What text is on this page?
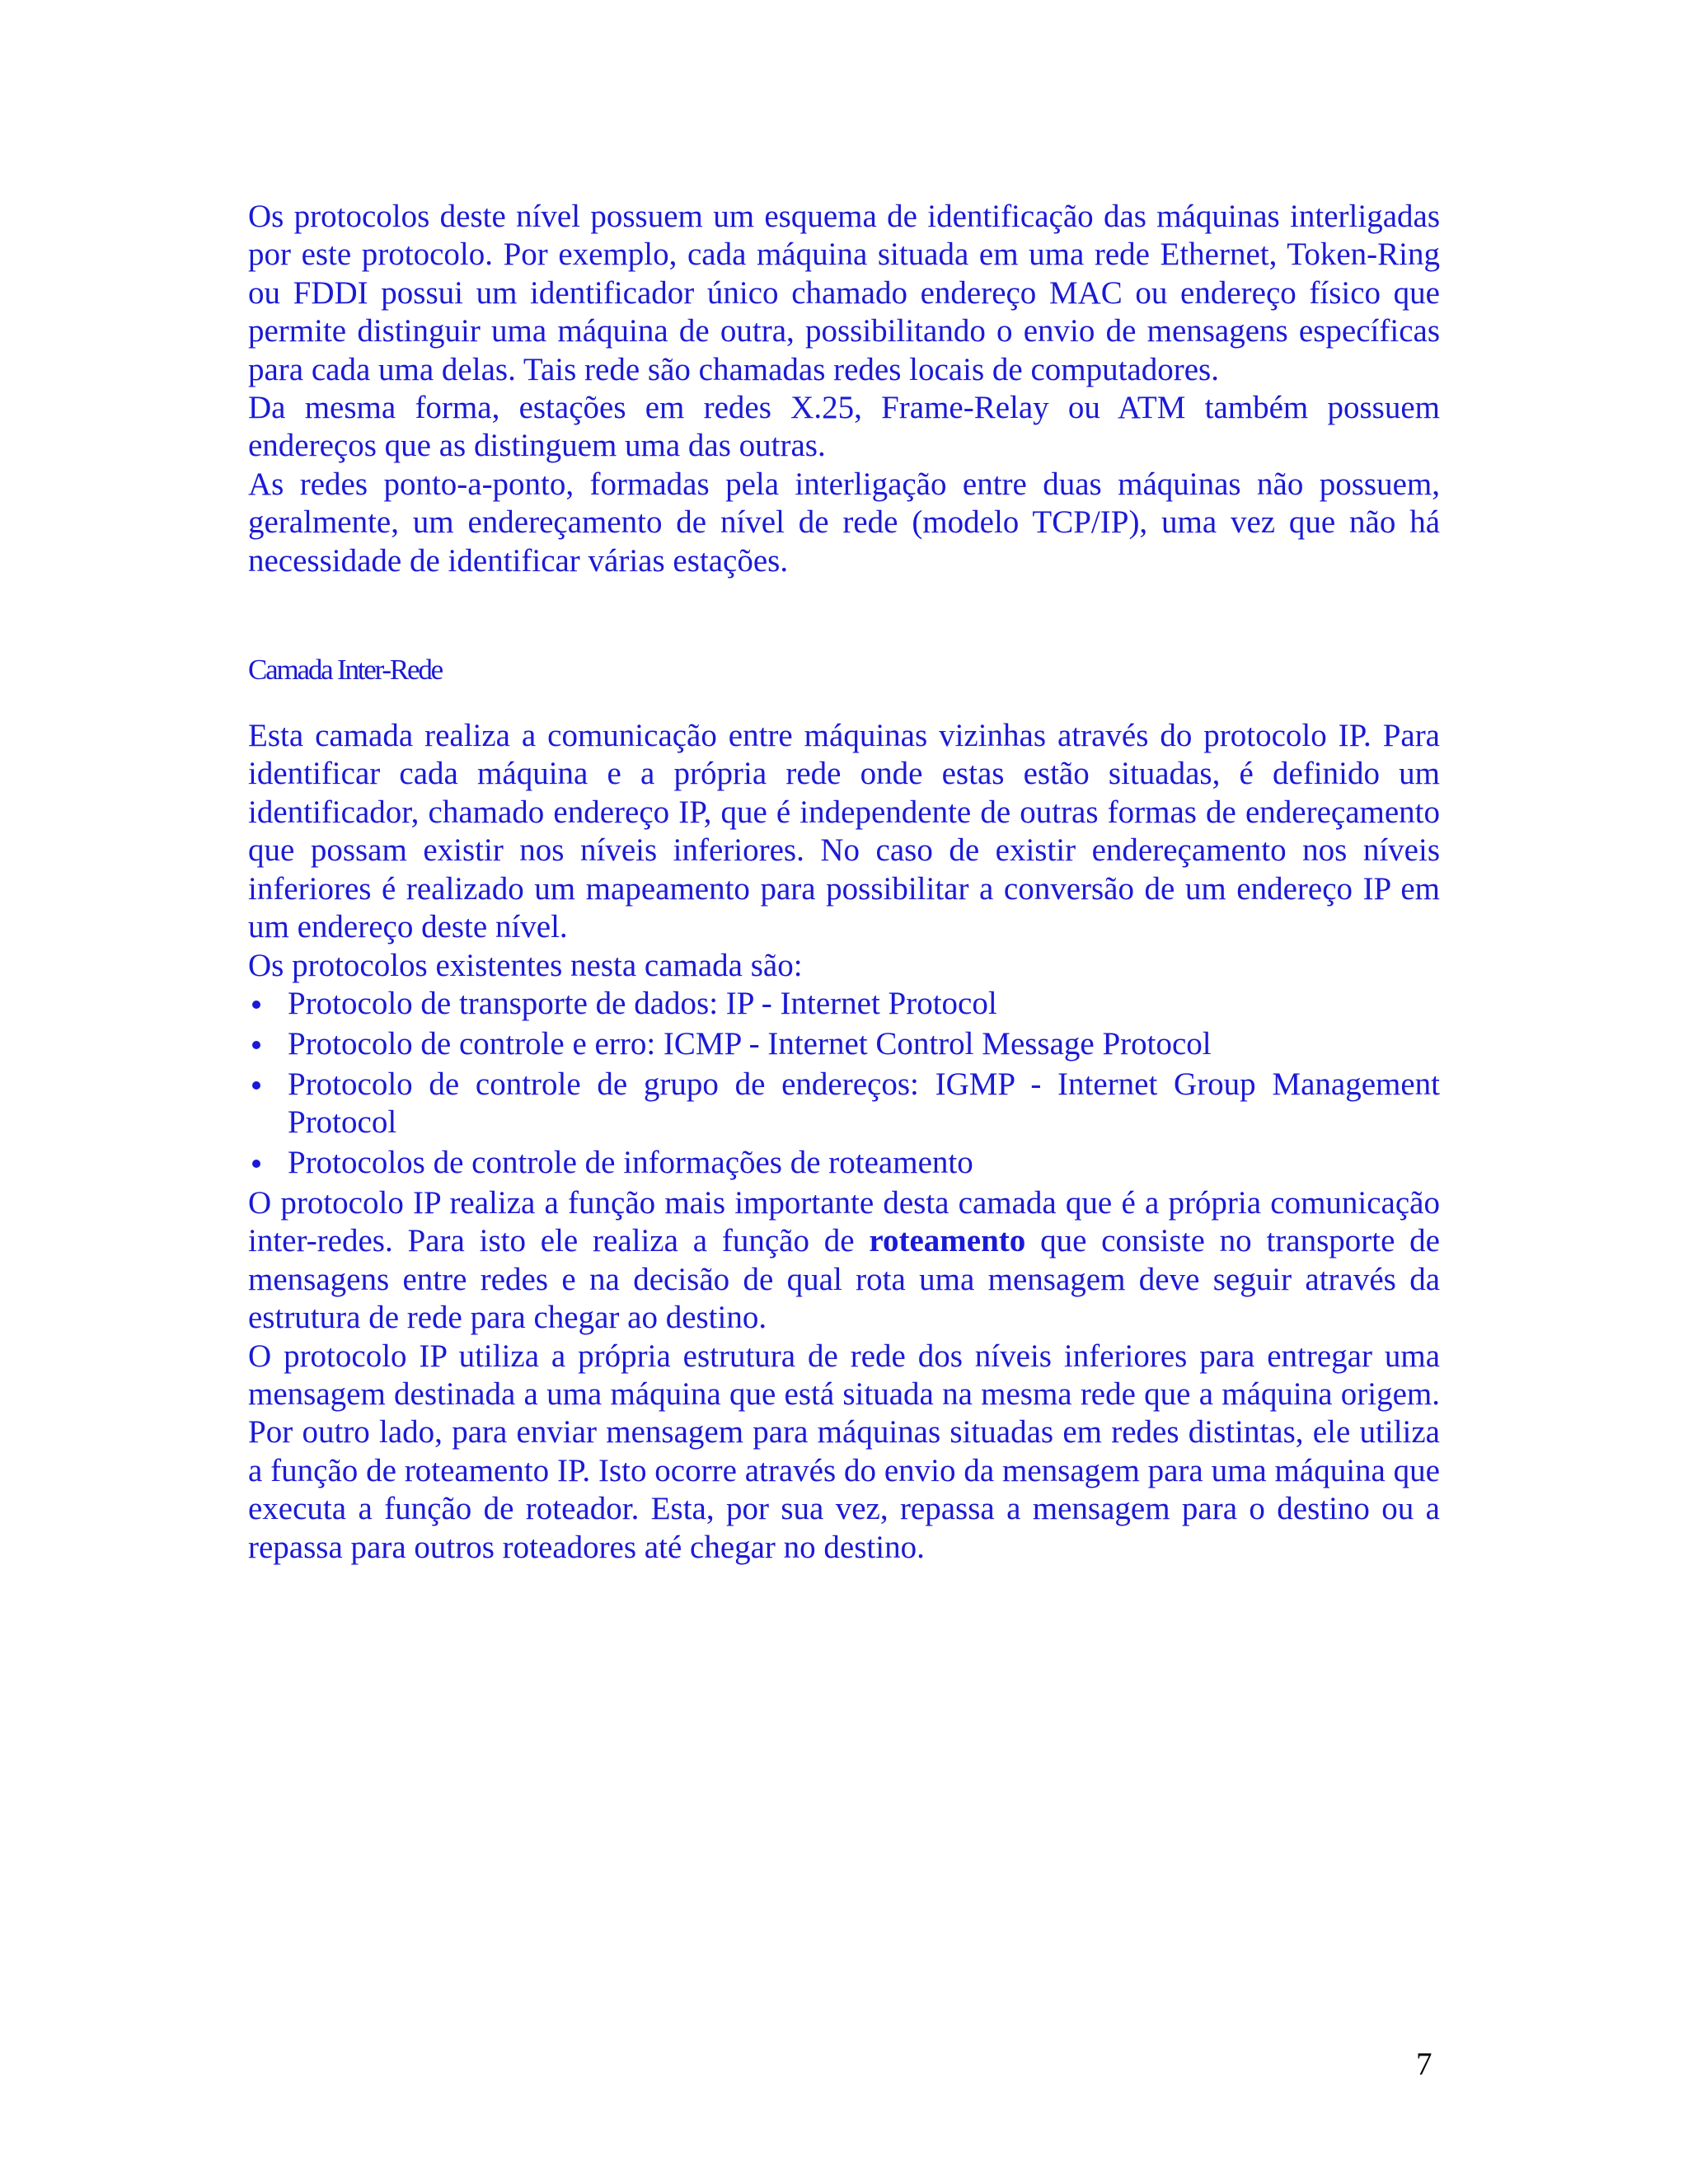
Os protocolos deste nível possuem um esquema de identificação das máquinas interligadas por este protocolo. Por exemplo, cada máquina situada em uma rede Ethernet, Token-Ring ou FDDI possui um identificador único chamado endereço MAC ou endereço físico que permite distinguir uma máquina de outra, possibilitando o envio de mensagens específicas para cada uma delas. Tais rede são chamadas redes locais de computadores.

Da mesma forma, estações em redes X.25, Frame-Relay ou ATM também possuem endereços que as distinguem uma das outras.

As redes ponto-a-ponto, formadas pela interligação entre duas máquinas não possuem, geralmente, um endereçamento de nível de rede (modelo TCP/IP), uma vez que não há necessidade de identificar várias estações.

Camada Inter-Rede

Esta camada realiza a comunicação entre máquinas vizinhas através do protocolo IP. Para identificar cada máquina e a própria rede onde estas estão situadas, é definido um identificador, chamado endereço IP, que é independente de outras formas de endereçamento que possam existir nos níveis inferiores. No caso de existir endereçamento nos níveis inferiores é realizado um mapeamento para possibilitar a conversão de um endereço IP em um endereço deste nível.

Os protocolos existentes nesta camada são:

Protocolo de transporte de dados: IP - Internet Protocol
Protocolo de controle e erro: ICMP - Internet Control Message Protocol
Protocolo de controle de grupo de endereços: IGMP - Internet Group Management Protocol
Protocolos de controle de informações de roteamento

O protocolo IP realiza a função mais importante desta camada que é a própria comunicação inter-redes. Para isto ele realiza a função de roteamento que consiste no transporte de mensagens entre redes e na decisão de qual rota uma mensagem deve seguir através da estrutura de rede para chegar ao destino.

O protocolo IP utiliza a própria estrutura de rede dos níveis inferiores para entregar uma mensagem destinada a uma máquina que está situada na mesma rede que a máquina origem. Por outro lado, para enviar mensagem para máquinas situadas em redes distintas, ele utiliza a função de roteamento IP. Isto ocorre através do envio da mensagem para uma máquina que executa a função de roteador. Esta, por sua vez, repassa a mensagem para o destino ou a repassa para outros roteadores até chegar no destino.

7
